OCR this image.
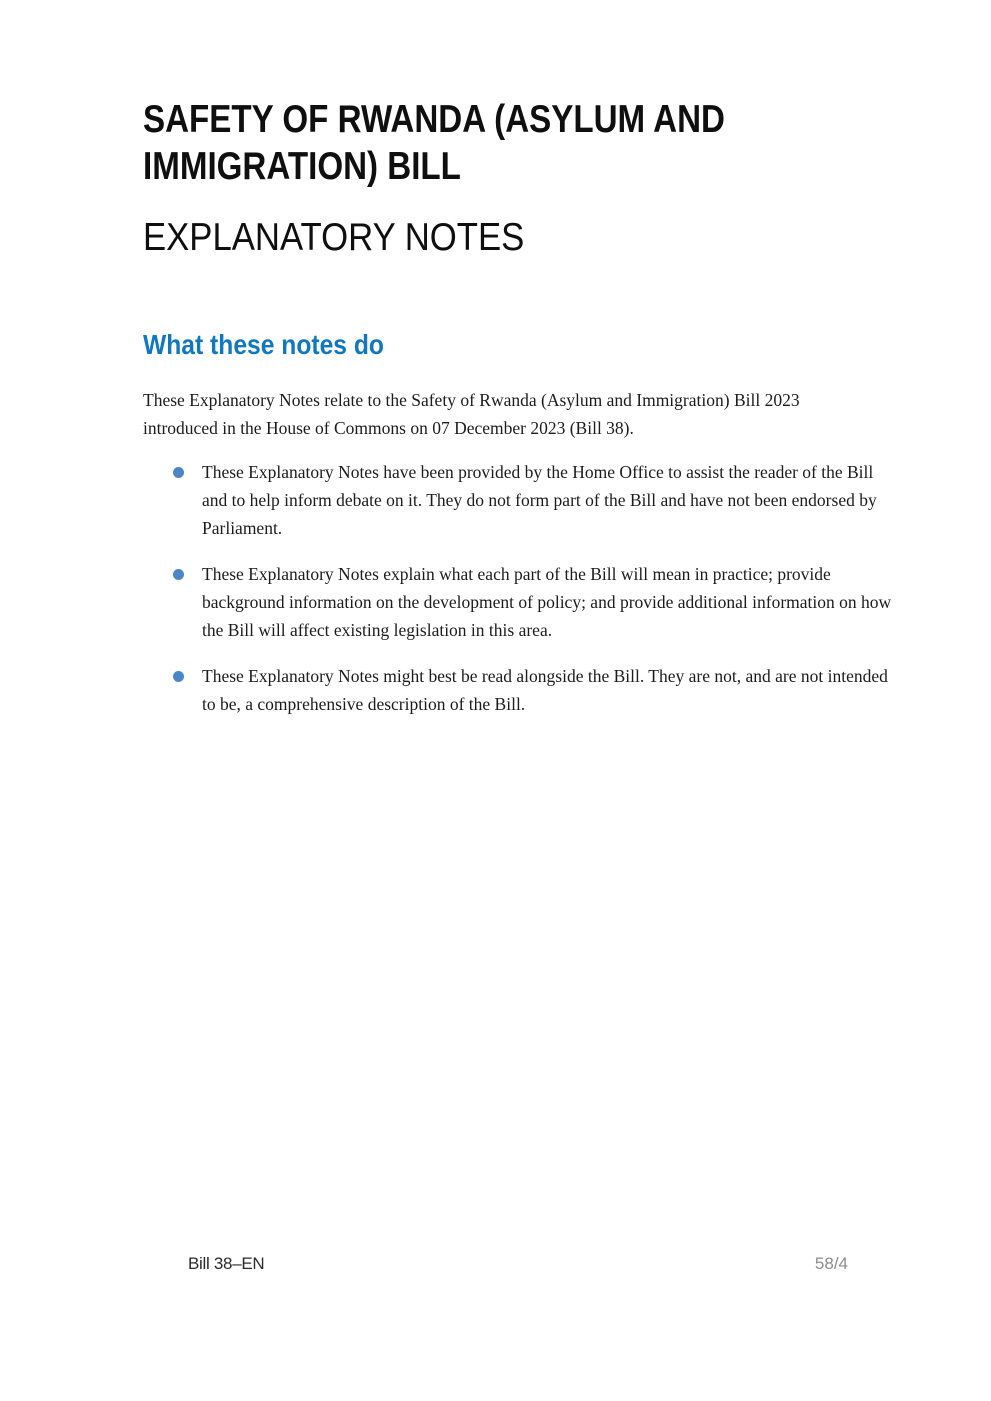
SAFETY OF RWANDA (ASYLUM AND IMMIGRATION) BILL
EXPLANATORY NOTES
What these notes do

These Explanatory Notes relate to the Safety of Rwanda (Asylum and Immigration) Bill 2023 introduced in the House of Commons on 07 December 2023 (Bill 38).

These Explanatory Notes have been provided by the Home Office to assist the reader of the Bill and to help inform debate on it. They do not form part of the Bill and have not been endorsed by Parliament.
These Explanatory Notes explain what each part of the Bill will mean in practice; provide background information on the development of policy; and provide additional information on how the Bill will affect existing legislation in this area.
These Explanatory Notes might best be read alongside the Bill. They are not, and are not intended to be, a comprehensive description of the Bill.
Bill 38–EN	58/4
